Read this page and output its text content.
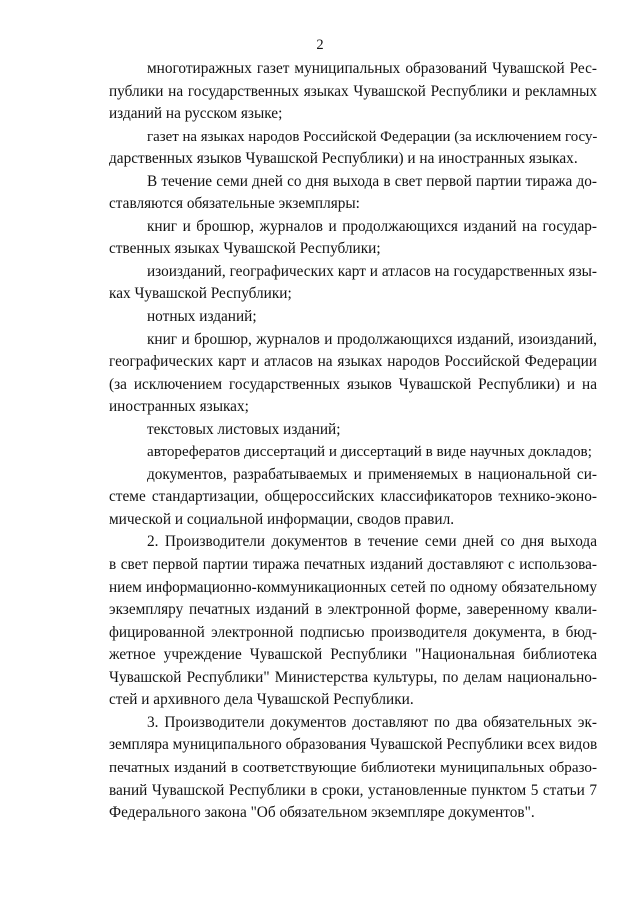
2
многотиражных газет муниципальных образований Чувашской Рес-
публики на государственных языках Чувашской Республики и рекламных
изданий на русском языке;
газет на языках народов Российской Федерации (за исключением госу-
дарственных языков Чувашской Республики) и на иностранных языках.
В течение семи дней со дня выхода в свет первой партии тиража до-
ставляются обязательные экземпляры:
книг и брошюр, журналов и продолжающихся изданий на государ-
ственных языках Чувашской Республики;
изоизданий, географических карт и атласов на государственных язы-
ках Чувашской Республики;
нотных изданий;
книг и брошюр, журналов и продолжающихся изданий, изоизданий,
географических карт и атласов на языках народов Российской Федерации
(за исключением государственных языков Чувашской Республики) и на
иностранных языках;
текстовых листовых изданий;
авторефератов диссертаций и диссертаций в виде научных докладов;
документов, разрабатываемых и применяемых в национальной си-
стеме стандартизации, общероссийских классификаторов технико-эконо-
мической и социальной информации, сводов правил.
2. Производители документов в течение семи дней со дня выхода
в свет первой партии тиража печатных изданий доставляют с использова-
нием информационно-коммуникационных сетей по одному обязательному
экземпляру печатных изданий в электронной форме, заверенному квали-
фицированной электронной подписью производителя документа, в бюд-
жетное учреждение Чувашской Республики "Национальная библиотека
Чувашской Республики" Министерства культуры, по делам национально-
стей и архивного дела Чувашской Республики.
3. Производители документов доставляют по два обязательных эк-
земпляра муниципального образования Чувашской Республики всех видов
печатных изданий в соответствующие библиотеки муниципальных образо-
ваний Чувашской Республики в сроки, установленные пунктом 5 статьи 7
Федерального закона "Об обязательном экземпляре документов".
